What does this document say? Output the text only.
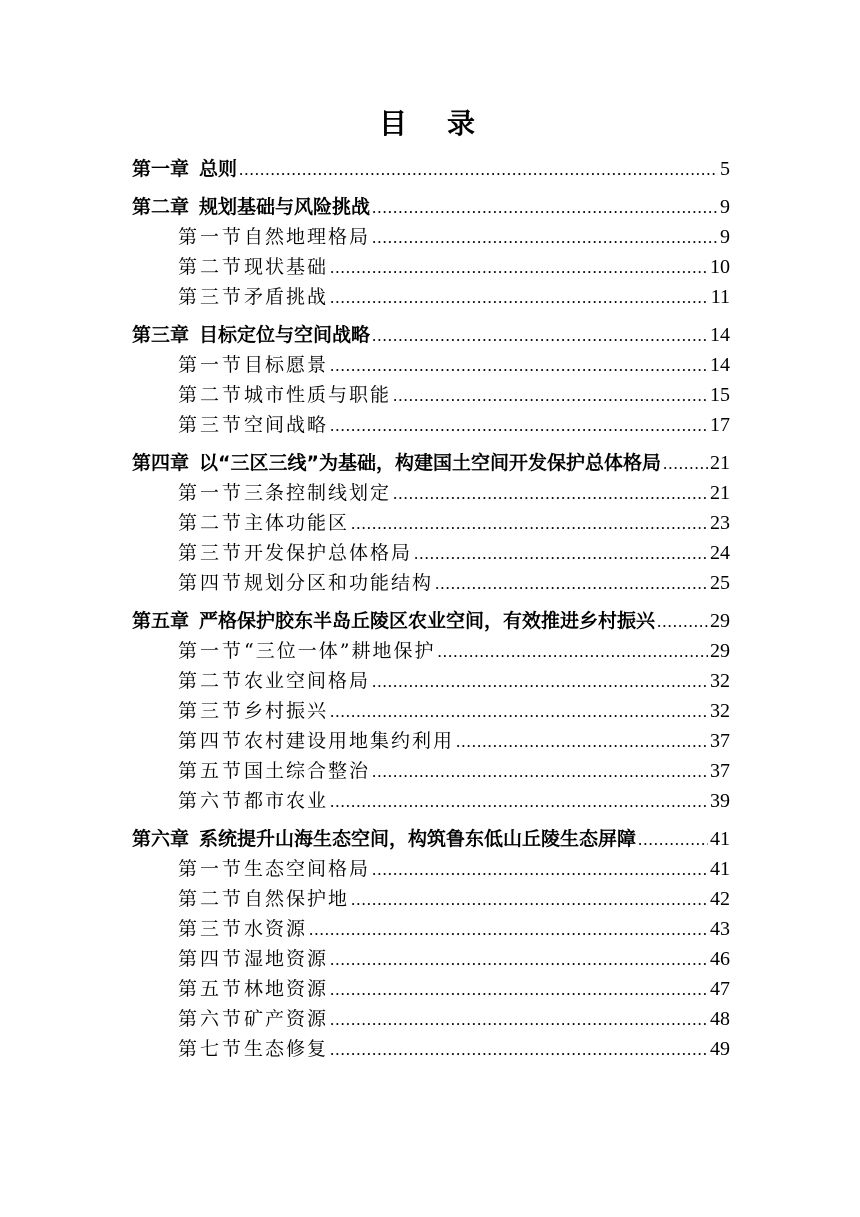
目　录
第一章 总则 .....	5
第二章 规划基础与风险挑战 .....	9
第一节 自然地理格局 .....	9
第二节 现状基础 .....	10
第三节 矛盾挑战 .....	11
第三章 目标定位与空间战略 .....	14
第一节 目标愿景 .....	14
第二节 城市性质与职能 .....	15
第三节 空间战略 .....	17
第四章 以“三区三线”为基础，构建国土空间开发保护总体格局 ..... 21
第一节 三条控制线划定 .....	21
第二节 主体功能区 .....	23
第三节 开发保护总体格局 .....	24
第四节 规划分区和功能结构 .....	25
第五章 严格保护胶东半岛丘陵区农业空间，有效推进乡村振兴 .....	29
第一节 “三位一体”耕地保护 .....	29
第二节 农业空间格局 .....	32
第三节 乡村振兴 .....	32
第四节 农村建设用地集约利用 .....	37
第五节 国土综合整治 .....	37
第六节 都市农业 .....	39
第六章 系统提升山海生态空间，构筑鲁东低山丘陵生态屏障 .....	41
第一节 生态空间格局 .....	41
第二节 自然保护地 .....	42
第三节 水资源 .....	43
第四节 湿地资源 .....	46
第五节 林地资源 .....	47
第六节 矿产资源 .....	48
第七节 生态修复 .....	49
